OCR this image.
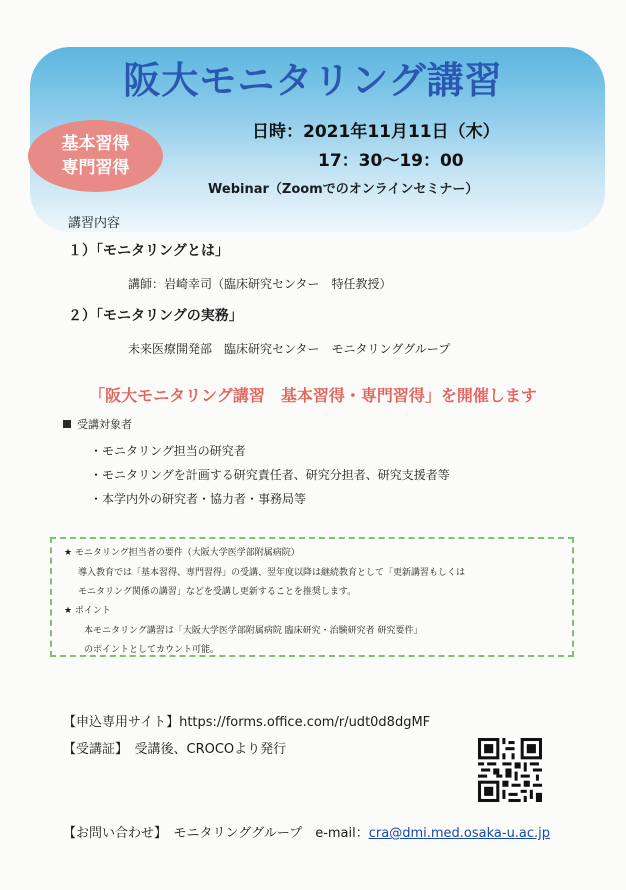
阪大モニタリング講習
基本習得
専門習得
日時：2021年11月11日（木）
17：30〜19：00
Webinar（Zoomでのオンラインセミナー）
講習内容
１）「モニタリングとは」
講師：岩崎幸司（臨床研究センター　特任教授）
２）「モニタリングの実務」
未来医療開発部　臨床研究センター　モニタリンググループ
「阪大モニタリング講習　基本習得・専門習得」を開催します
受講対象者
・モニタリング担当の研究者
・モニタリングを計画する研究責任者、研究分担者、研究支援者等
・本学内外の研究者・協力者・事務局等
★ モニタリング担当者の要件（大阪大学医学部附属病院）
導入教育では「基本習得、専門習得」の受講、翌年度以降は継続教育として「更新講習もしくは
モニタリング関係の講習」などを受講し更新することを推奨します。
★ ポイント
本モニタリング講習は「大阪大学医学部附属病院 臨床研究・治験研究者 研究要件」
のポイントとしてカウント可能。
【申込専用サイト】https://forms.office.com/r/udt0d8dgMF
【受講証】　受講後、CROCOより発行
【お問い合わせ】　モニタリンググループ　e-mail：cra@dmi.med.osaka-u.ac.jp
